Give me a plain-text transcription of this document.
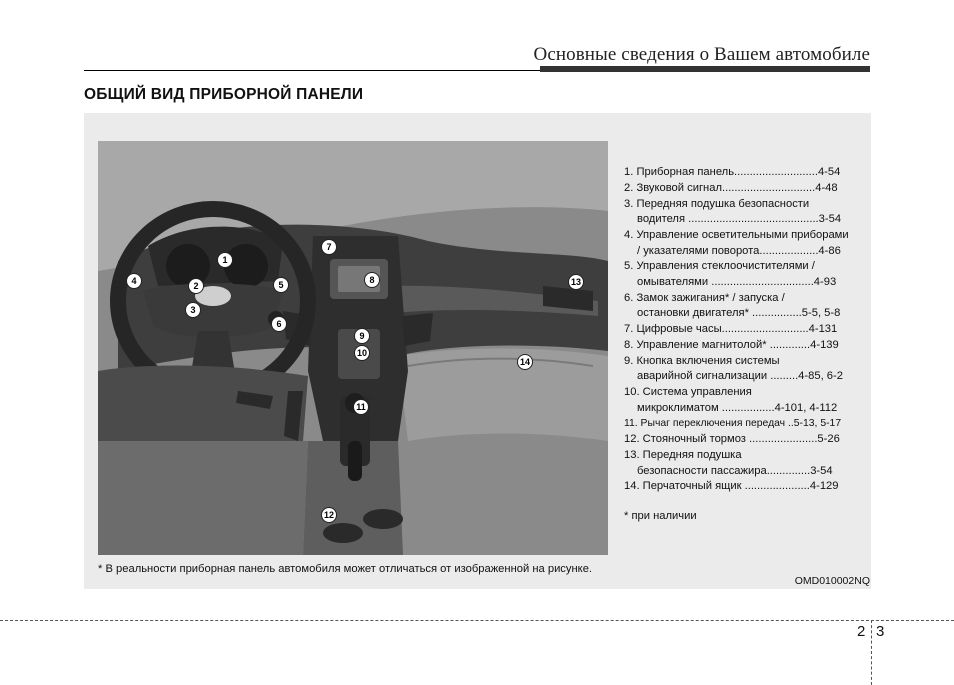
Основные сведения о Вашем автомобиле
ОБЩИЙ ВИД ПРИБОРНОЙ ПАНЕЛИ
1
2
3
4	5
6
7
8
9
10
11
12
13
14
1. Приборная панель...........................4-54
2. Звуковой сигнал..............................4-48
3. Передняя подушка безопасности
водителя ..........................................3-54
4. Управление осветительными приборами
/ указателями поворота...................4-86
5. Управления стеклоочистителями /
омывателями .................................4-93
6. Замок зажигания* / запуска /
остановки двигателя* ................5-5, 5-8
7. Цифровые часы............................4-131
8. Управление магнитолой* .............4-139
9. Кнопка включения системы
аварийной сигнализации .........4-85, 6-2
10. Система управления
микроклиматом .................4-101, 4-112
11. Рычаг переключения передач ..5-13, 5-17
12. Стояночный тормоз ......................5-26
13. Передняя подушка
безопасности пассажира..............3-54
14. Перчаточный ящик .....................4-129
* при наличии
* В реальности приборная панель автомобиля может отличаться от изображенной на рисунке.
OMD010002NQ
2 3
